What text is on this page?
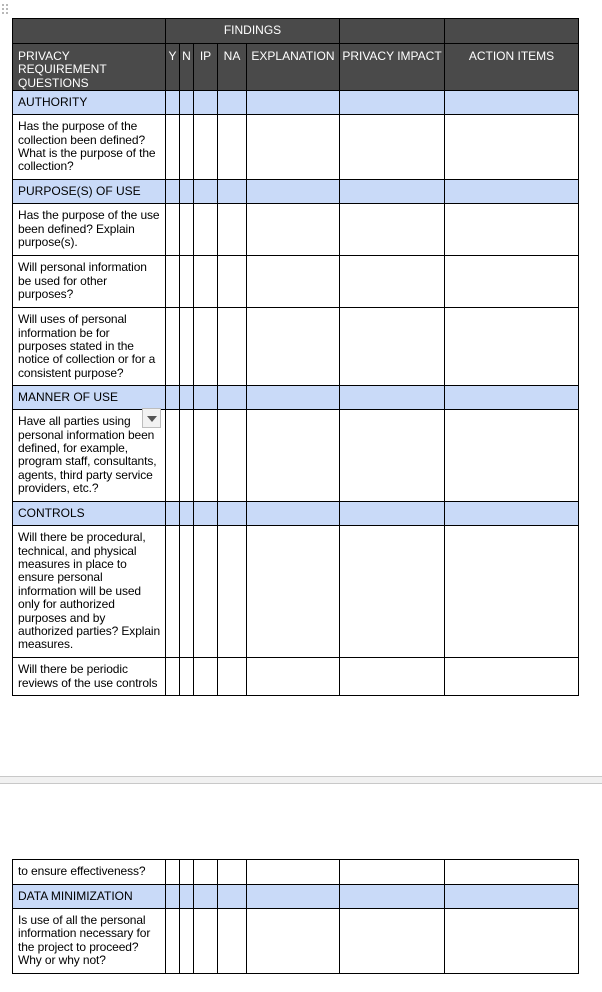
	FINDINGS						
PRIVACY REQUIREMENT QUESTIONS	Y	N	IP	NA	EXPLANATION	PRIVACY IMPACT	ACTION ITEMS
AUTHORITY							
Has the purpose of the collection been defined? What is the purpose of the collection?							
PURPOSE(S) OF USE							
Has the purpose of the use been defined? Explain purpose(s).							
Will personal information be used for other purposes?							
Will uses of personal information be for purposes stated in the notice of collection or for a consistent purpose?							
MANNER OF USE							
Have all parties using personal information been defined, for example, program staff, consultants, agents, third party service providers, etc.?							
CONTROLS							
Will there be procedural, technical, and physical measures in place to ensure personal information will be used only for authorized purposes and by authorized parties? Explain measures.							
Will there be periodic reviews of the use controls							
to ensure effectiveness?							
DATA MINIMIZATION							
Is use of all the personal information necessary for the project to proceed? Why or why not?							
